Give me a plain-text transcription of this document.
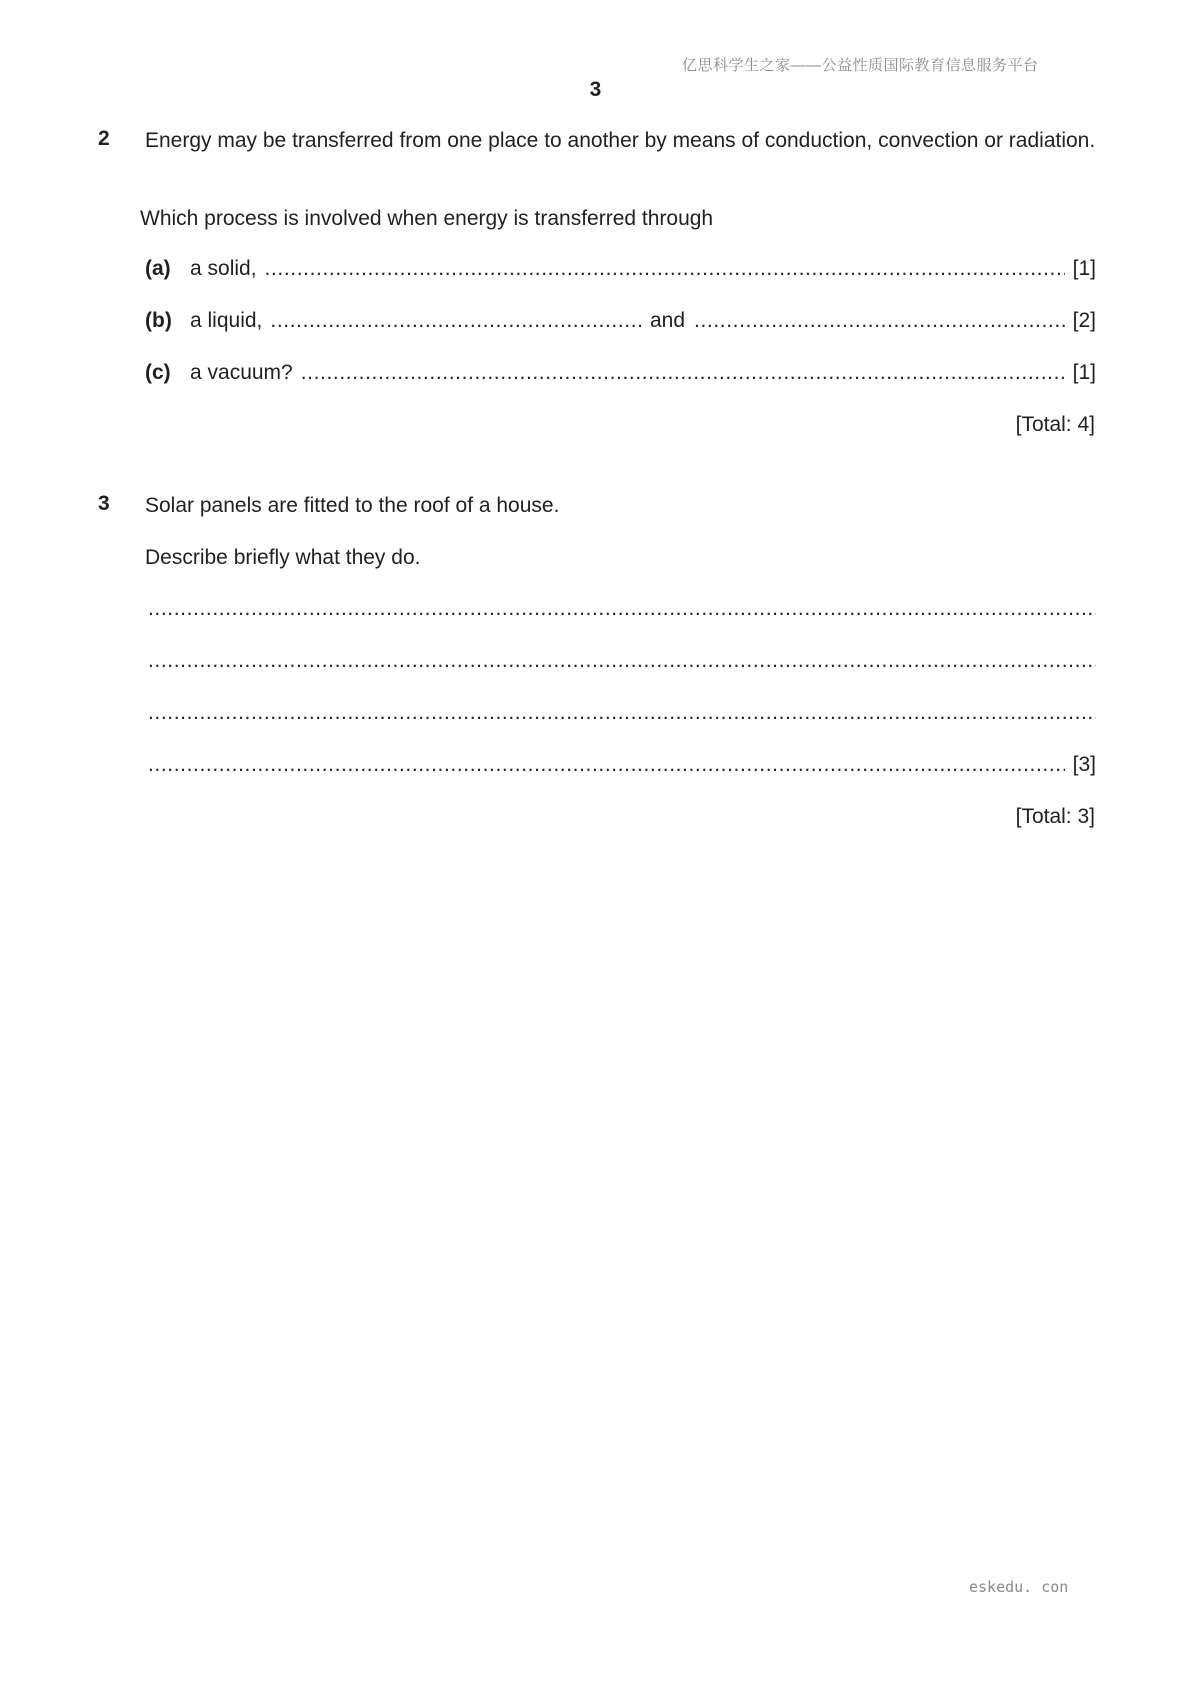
亿思科学生之家——公益性质国际教育信息服务平台
3
2 Energy may be transferred from one place to another by means of conduction, convection or radiation.
Which process is involved when energy is transferred through
(a) a solid, .....	[1]
(b) a liquid, .....	and .....	[2]
(c) a vacuum? .....	[1]
[Total: 4]
3 Solar panels are fitted to the roof of a house.
Describe briefly what they do.
.....
.....
.....
.....
[3]
[Total: 3]
eskedu. con
